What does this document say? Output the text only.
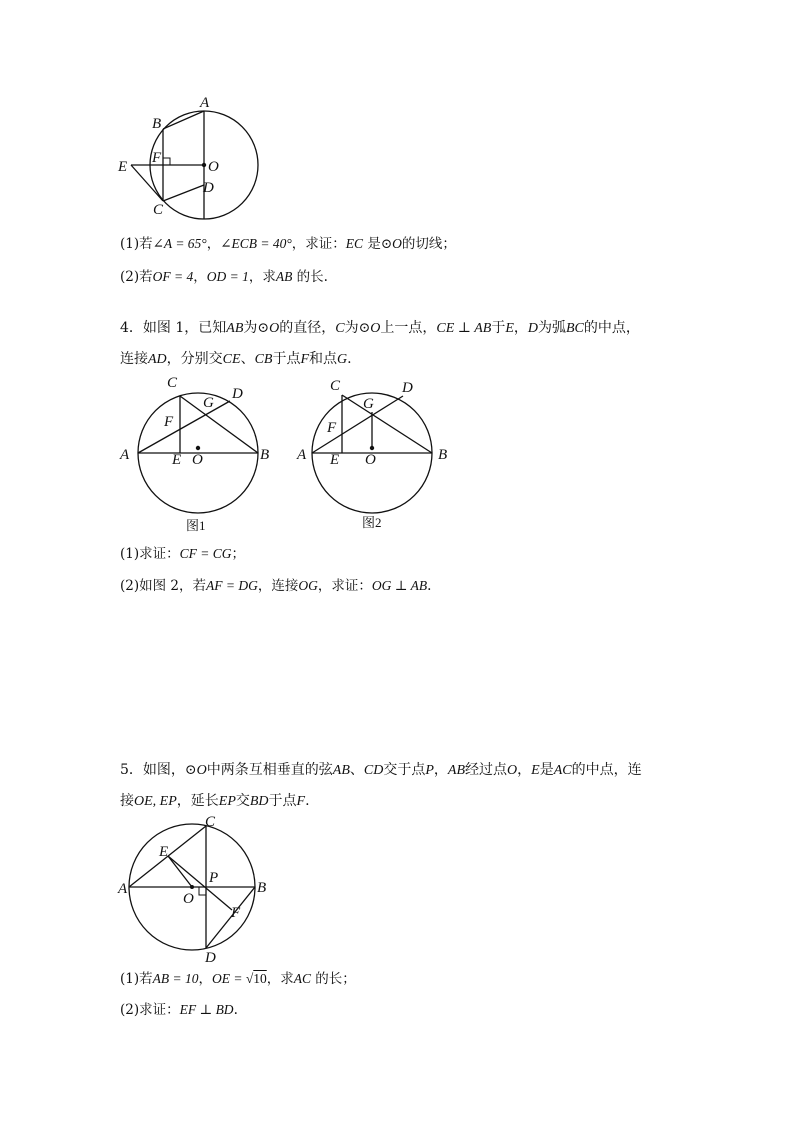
A
B
E
F
O
D
C
(1)若∠A = 65°，∠ECB = 40°，求证：EC 是⊙O的切线；
(2)若OF = 4，OD = 1，求AB 的长.
4．如图 1，已知AB为⊙O的直径，C为⊙O上一点，CE ⊥ AB于E，D为弧BC的中点，
连接AD，分别交CE、CB于点F和点G.
C
D
G
F
A	E O	B
图1
C	D
G
F
A E O	B
图2
(1)求证：CF = CG；
(2)如图 2，若AF = DG，连接OG，求证：OG ⊥ AB.
5．如图，⊙O中两条互相垂直的弦AB、CD交于点P，AB经过点O，E是AC的中点，连
接OE, EP，延长EP交BD于点F.
C
E
A
P
B
O
F
D
(1)若AB = 10，OE = √10，求AC 的长；
(2)求证：EF ⊥ BD.
